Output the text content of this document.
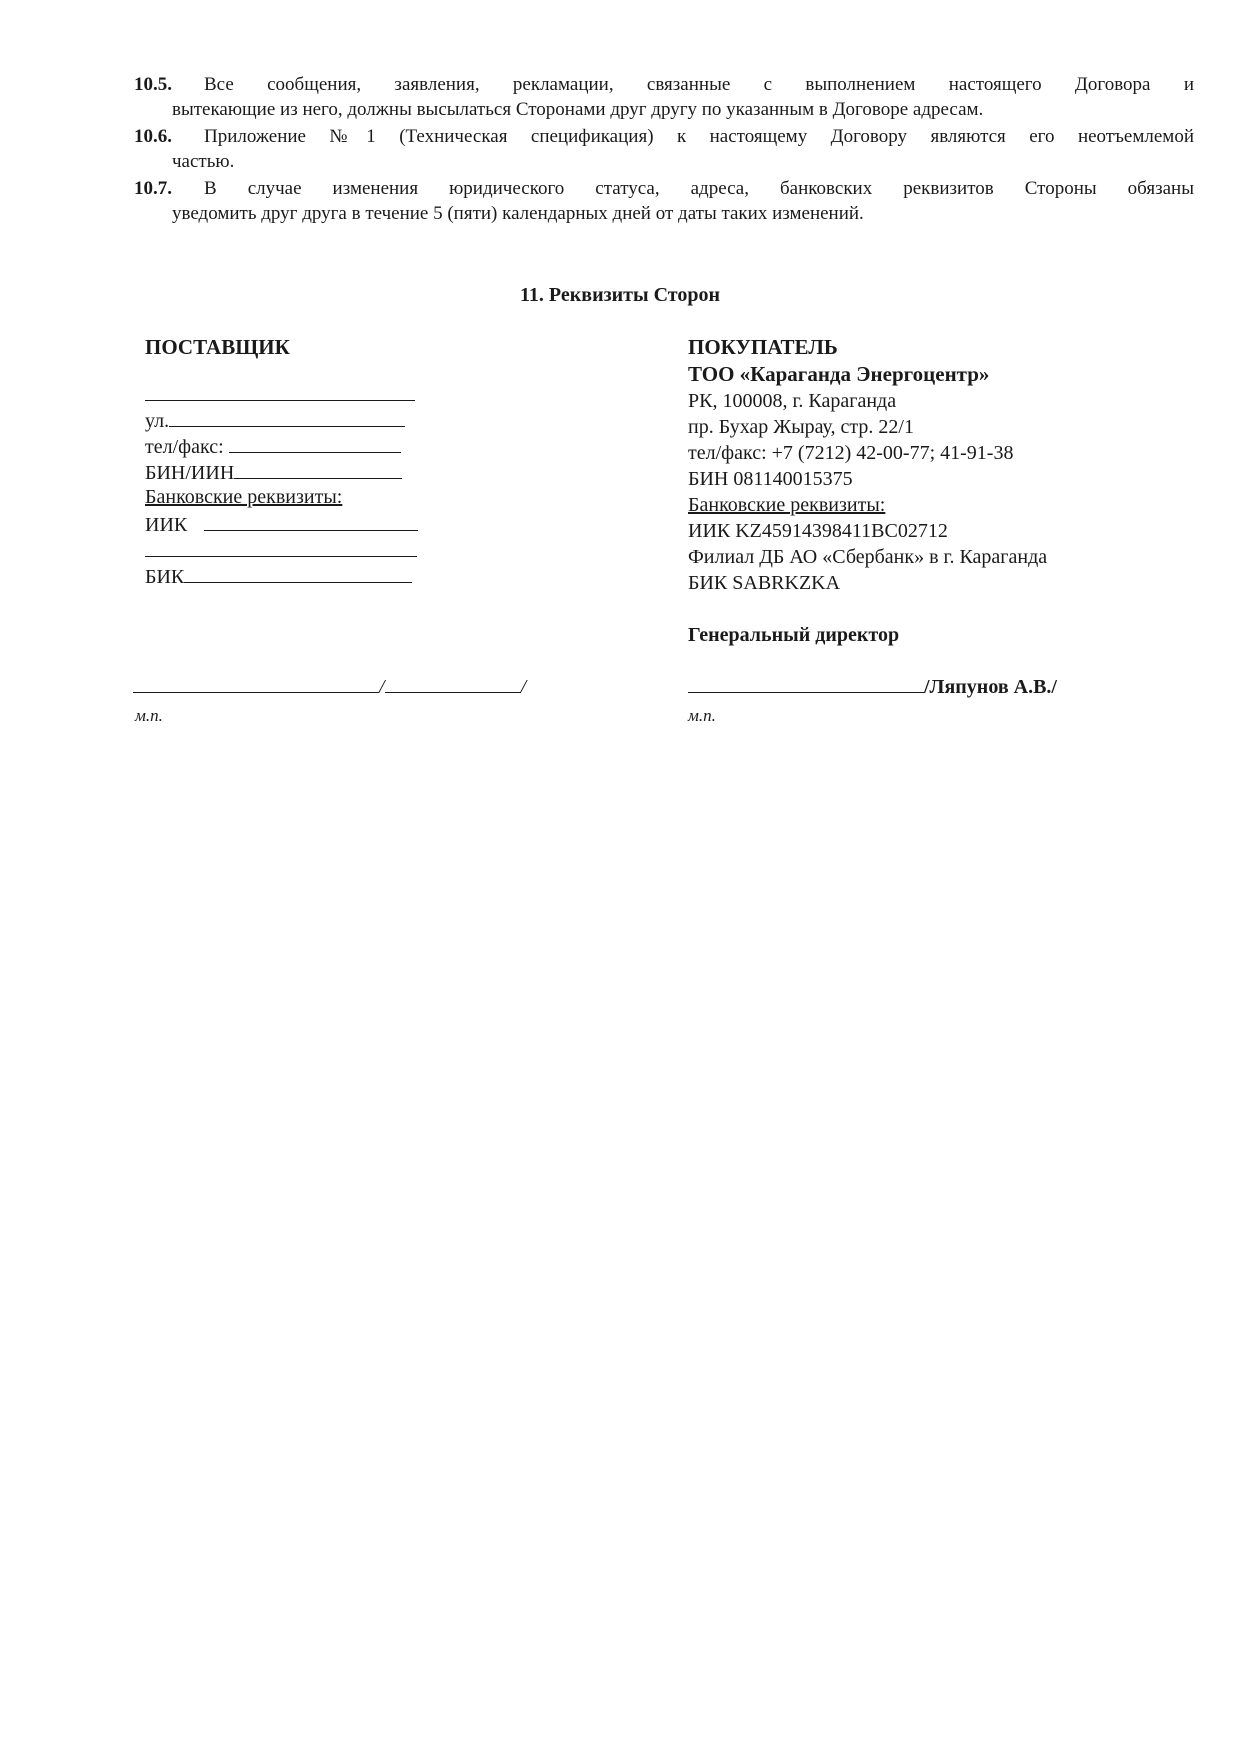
10.5.	Все сообщения, заявления, рекламации, связанные с выполнением настоящего Договора и
вытекающие из него, должны высылаться Сторонами друг другу по указанным в Договоре адресам.
10.6.	Приложение №1 (Техническая спецификация) к настоящему Договору являются его неотъемлемой
частью.
10.7.	В случае изменения юридического статуса, адреса, банковских реквизитов Стороны обязаны
уведомить друг друга в течение 5 (пяти) календарных дней от даты таких изменений.
11. Реквизиты Сторон
ПОСТАВЩИК
ул.
тел/факс:
БИН/ИИН
Банковские реквизиты:
ИИК
БИК
/	/
м.п.
ПОКУПАТЕЛЬ
ТОО «Караганда Энергоцентр»
РК, 100008, г. Караганда
пр. Бухар Жырау, стр. 22/1
тел/факс: +7 (7212) 42-00-77; 41-91-38
БИН 081140015375
Банковские реквизиты:
ИИК KZ45914398411BC02712
Филиал ДБ АО «Сбербанк» в г. Караганда
БИК SABRKZKA
Генеральный директор
/Ляпунов А.В./
м.п.
